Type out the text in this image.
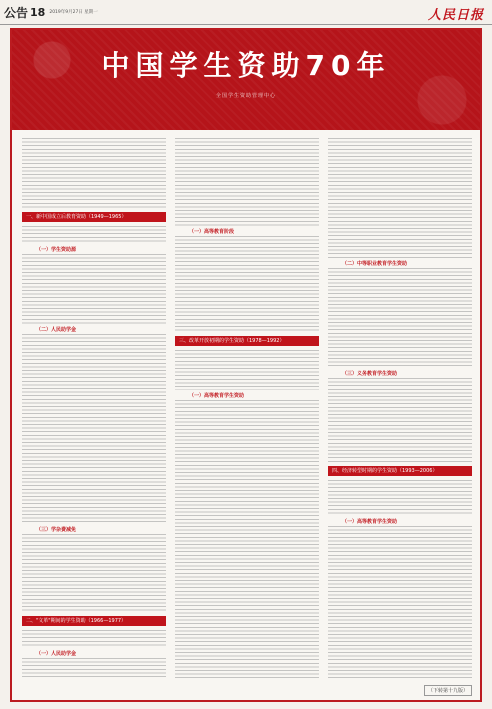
公告 18 2019年9月27日 星期一	人民日报
中国学生资助70年
全国学生资助管理中心
一、新中国成立后教育资助（1949—1965）
（一）学生资助源
（二）人民助学金
（三）学杂费减免
二、"文革"期间的学生资助（1966—1977）
（一）人民助学金
（一）高等教育阶段
三、改革开放初期的学生资助（1978—1992）
（一）高等教育学生资助
（二）中等职业教育学生资助
（三）义务教育学生资助
四、经济转型时期的学生资助（1993—2006）
（一）高等教育学生资助
（下转第十九版）
